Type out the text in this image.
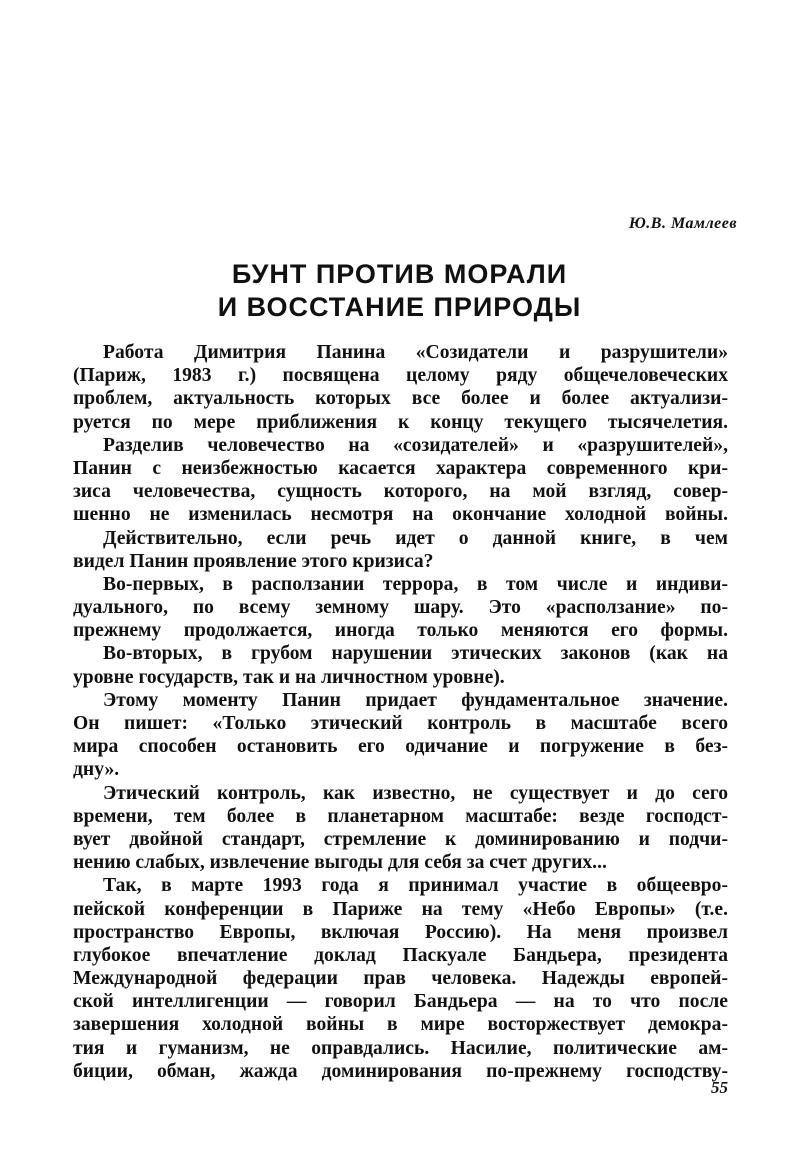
Ю.В. Мамлеев
БУНТ ПРОТИВ МОРАЛИ
И ВОССТАНИЕ ПРИРОДЫ
Работа Димитрия Панина «Созидатели и разрушители»
(Париж, 1983 г.) посвящена целому ряду общечеловеческих
проблем, актуальность которых все более и более актуализи-
руется по мере приближения к концу текущего тысячелетия.
Разделив человечество на «созидателей» и «разрушителей»,
Панин с неизбежностью касается характера современного кри-
зиса человечества, сущность которого, на мой взгляд, совер-
шенно не изменилась несмотря на окончание холодной войны.
Действительно, если речь идет о данной книге, в чем
видел Панин проявление этого кризиса?
Во-первых, в расползании террора, в том числе и индиви-
дуального, по всему земному шару. Это «расползание» по-
прежнему продолжается, иногда только меняются его формы.
Во-вторых, в грубом нарушении этических законов (как на
уровне государств, так и на личностном уровне).
Этому моменту Панин придает фундаментальное значение.
Он пишет: «Только этический контроль в масштабе всего
мира способен остановить его одичание и погружение в без-
дну».
Этический контроль, как известно, не существует и до сего
времени, тем более в планетарном масштабе: везде господст-
вует двойной стандарт, стремление к доминированию и подчи-
нению слабых, извлечение выгоды для себя за счет других...
Так, в марте 1993 года я принимал участие в общеевро-
пейской конференции в Париже на тему «Небо Европы» (т.е.
пространство Европы, включая Россию). На меня произвел
глубокое впечатление доклад Паскуале Бандьера, президента
Международной федерации прав человека. Надежды европей-
ской интеллигенции — говорил Бандьера — на то что после
завершения холодной войны в мире восторжествует демокра-
тия и гуманизм, не оправдались. Насилие, политические ам-
биции, обман, жажда доминирования по-прежнему господству-
55
